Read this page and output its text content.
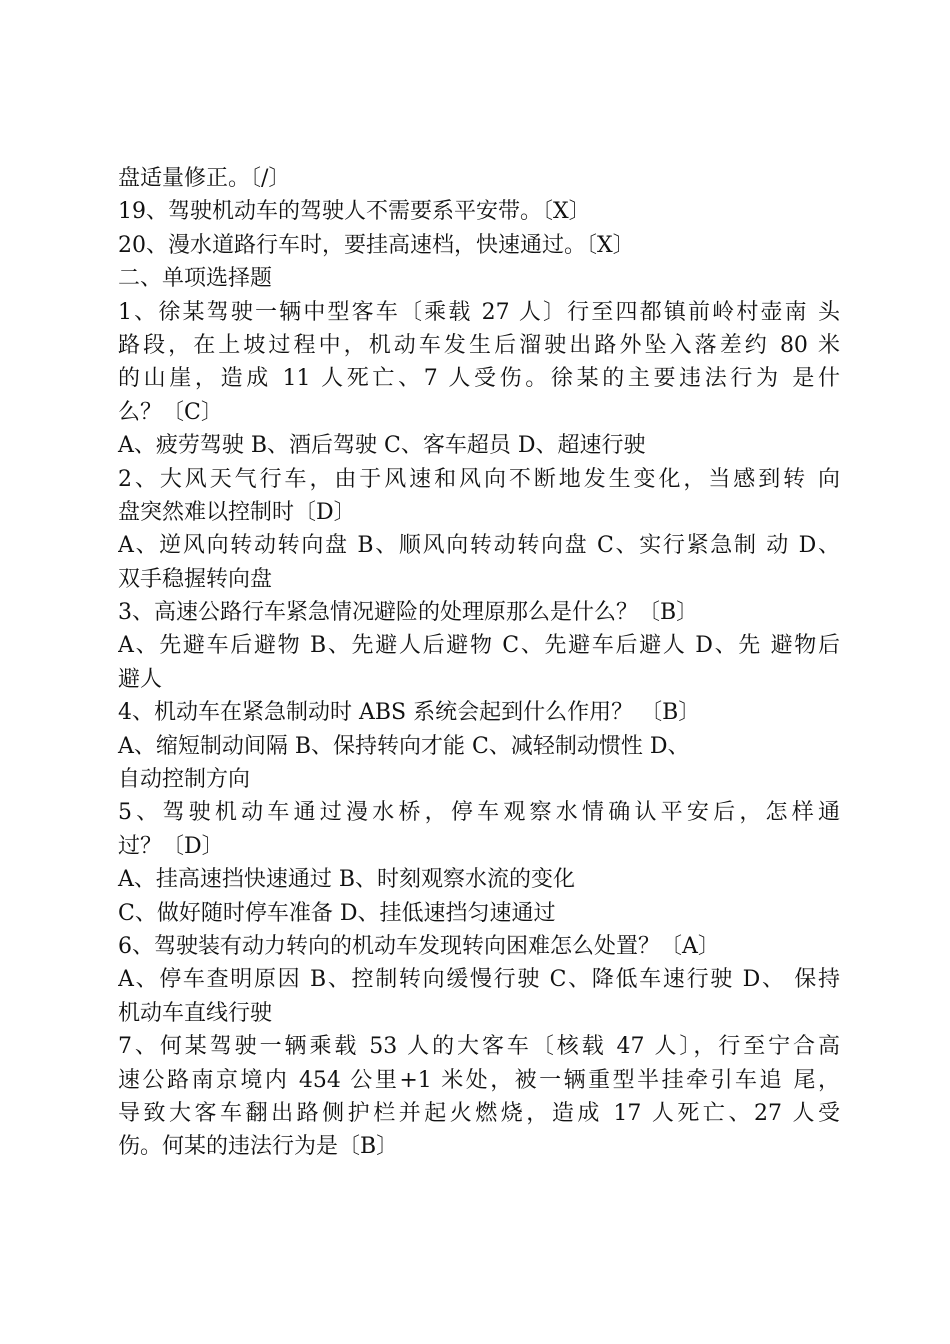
盘适量修正。〔/〕
19、驾驶机动车的驾驶人不需要系平安带。〔X〕
20、漫水道路行车时，要挂高速档，快速通过。〔X〕
二、单项选择题
1、徐某驾驶一辆中型客车〔乘载 27 人〕行至四都镇前岭村壶南 头
路段，在上坡过程中，机动车发生后溜驶出路外坠入落差约 80 米
的山崖，造成 11 人死亡、7 人受伤。徐某的主要违法行为 是什
么？〔C〕
A、疲劳驾驶 B、酒后驾驶 C、客车超员 D、超速行驶
2、大风天气行车，由于风速和风向不断地发生变化，当感到转 向
盘突然难以控制时〔D〕
A、逆风向转动转向盘 B、顺风向转动转向盘 C、实行紧急制 动 D、
双手稳握转向盘
3、高速公路行车紧急情况避险的处理原那么是什么？〔B〕
A、先避车后避物 B、先避人后避物 C、先避车后避人 D、先 避物后
避人
4、机动车在紧急制动时 ABS 系统会起到什么作用？ 〔B〕
A、缩短制动间隔 B、保持转向才能 C、减轻制动惯性 D、
自动控制方向
5、驾驶机动车通过漫水桥，停车观察水情确认平安后，怎样通
过？〔D〕
A、挂高速挡快速通过 B、时刻观察水流的变化
C、做好随时停车准备 D、挂低速挡匀速通过
6、驾驶装有动力转向的机动车发现转向困难怎么处置？〔A〕
A、停车查明原因 B、控制转向缓慢行驶 C、降低车速行驶 D、 保持
机动车直线行驶
7、何某驾驶一辆乘载 53 人的大客车〔核载 47 人〕，行至宁合高
速公路南京境内 454 公里+1 米处，被一辆重型半挂牵引车追 尾，
导致大客车翻出路侧护栏并起火燃烧，造成 17 人死亡、27 人受
伤。何某的违法行为是〔B〕
